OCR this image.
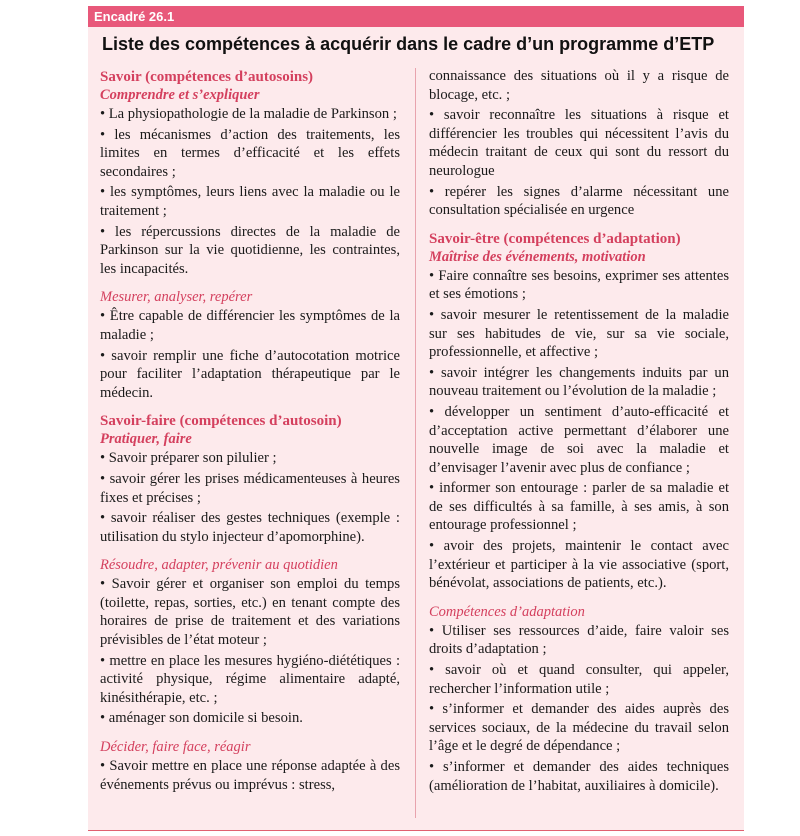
Encadré 26.1
Liste des compétences à acquérir dans le cadre d’un programme d’ETP
Savoir (compétences d’autosoins)
Comprendre et s’expliquer

• La physiopathologie de la maladie de Parkinson ;

• les mécanismes d’action des traitements, les limites en termes d’efficacité et les effets secondaires ;

• les symptômes, leurs liens avec la maladie ou le traitement ;

• les répercussions directes de la maladie de Parkinson sur la vie quotidienne, les contraintes, les incapacités.

Mesurer, analyser, repérer

• Être capable de différencier les symptômes de la maladie ;

• savoir remplir une fiche d’autocotation motrice pour faciliter l’adaptation thérapeutique par le médecin.

Savoir-faire (compétences d’autosoin)
Pratiquer, faire

• Savoir préparer son pilulier ;

• savoir gérer les prises médicamenteuses à heures fixes et précises ;

• savoir réaliser des gestes techniques (exemple : utilisation du stylo injecteur d’apomorphine).

Résoudre, adapter, prévenir au quotidien

• Savoir gérer et organiser son emploi du temps (toilette, repas, sorties, etc.) en tenant compte des horaires de prise de traitement et des variations prévisibles de l’état moteur ;

• mettre en place les mesures hygiéno-diététiques : activité physique, régime alimentaire adapté, kinésithérapie, etc. ;

• aménager son domicile si besoin.

Décider, faire face, réagir

• Savoir mettre en place une réponse adaptée à des événements prévus ou imprévus : stress,

connaissance des situations où il y a risque de blocage, etc. ;

• savoir reconnaître les situations à risque et différencier les troubles qui nécessitent l’avis du médecin traitant de ceux qui sont du ressort du neurologue

• repérer les signes d’alarme nécessitant une consultation spécialisée en urgence

Savoir-être (compétences d’adaptation)
Maîtrise des événements, motivation

• Faire connaître ses besoins, exprimer ses attentes et ses émotions ;

• savoir mesurer le retentissement de la maladie sur ses habitudes de vie, sur sa vie sociale, professionnelle, et affective ;

• savoir intégrer les changements induits par un nouveau traitement ou l’évolution de la maladie ;

• développer un sentiment d’auto-efficacité et d’acceptation active permettant d’élaborer une nouvelle image de soi avec la maladie et d’envisager l’avenir avec plus de confiance ;

• informer son entourage : parler de sa maladie et de ses difficultés à sa famille, à ses amis, à son entourage professionnel ;

• avoir des projets, maintenir le contact avec l’extérieur et participer à la vie associative (sport, bénévolat, associations de patients, etc.).

Compétences d’adaptation

• Utiliser ses ressources d’aide, faire valoir ses droits d’adaptation ;

• savoir où et quand consulter, qui appeler, rechercher l’information utile ;

• s’informer et demander des aides auprès des services sociaux, de la médecine du travail selon l’âge et le degré de dépendance ;

• s’informer et demander des aides techniques (amélioration de l’habitat, auxiliaires à domicile).
